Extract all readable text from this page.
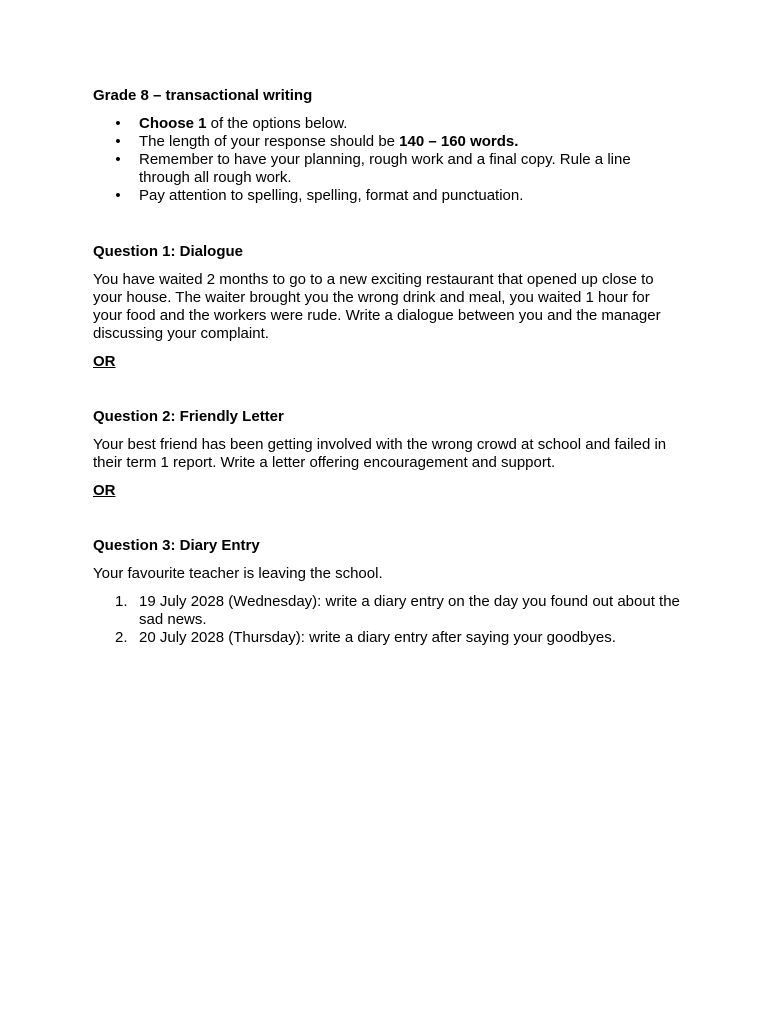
Grade 8 – transactional writing
• Choose 1 of the options below.
• The length of your response should be 140 – 160 words.
• Remember to have your planning, rough work and a final copy. Rule a line through all rough work.
• Pay attention to spelling, spelling, format and punctuation.
Question 1: Dialogue

You have waited 2 months to go to a new exciting restaurant that opened up close to your house. The waiter brought you the wrong drink and meal, you waited 1 hour for your food and the workers were rude. Write a dialogue between you and the manager discussing your complaint.

OR

Question 2: Friendly Letter

Your best friend has been getting involved with the wrong crowd at school and failed in their term 1 report. Write a letter offering encouragement and support.

OR

Question 3: Diary Entry

Your favourite teacher is leaving the school.

1. 19 July 2028 (Wednesday): write a diary entry on the day you found out about the sad news.
2. 20 July 2028 (Thursday): write a diary entry after saying your goodbyes.
